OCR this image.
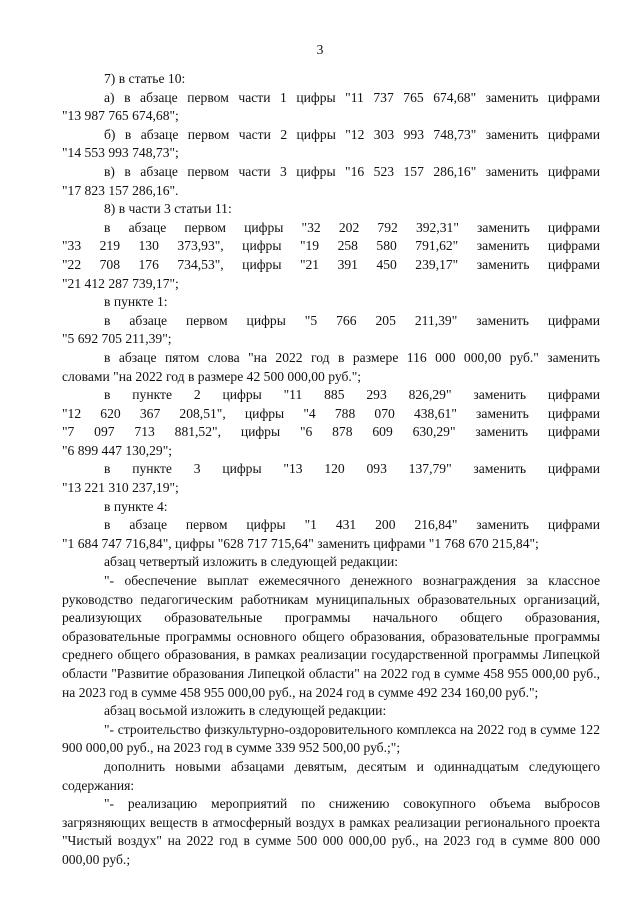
3

7) в статье 10:

а) в абзаце первом части 1 цифры "11 737 765 674,68" заменить цифрами

"13 987 765 674,68";

б) в абзаце первом части 2 цифры "12 303 993 748,73" заменить цифрами

"14 553 993 748,73";

в) в абзаце первом части 3 цифры "16 523 157 286,16" заменить цифрами

"17 823 157 286,16".

8) в части 3 статьи 11:

в абзаце первом цифры "32 202 792 392,31" заменить цифрами

"33 219 130 373,93", цифры "19 258 580 791,62" заменить цифрами

"22 708 176 734,53", цифры "21 391 450 239,17" заменить цифрами

"21 412 287 739,17";

в пункте 1:

в абзаце первом цифры "5 766 205 211,39" заменить цифрами

"5 692 705 211,39";

в абзаце пятом слова "на 2022 год в размере 116 000 000,00 руб." заменить

словами "на 2022 год в размере 42 500 000,00 руб.";

в пункте 2 цифры "11 885 293 826,29" заменить цифрами

"12 620 367 208,51", цифры "4 788 070 438,61" заменить цифрами

"7 097 713 881,52", цифры "6 878 609 630,29" заменить цифрами

"6 899 447 130,29";

в пункте 3 цифры "13 120 093 137,79" заменить цифрами

"13 221 310 237,19";

в пункте 4:

в абзаце первом цифры "1 431 200 216,84" заменить цифрами

"1 684 747 716,84", цифры "628 717 715,64" заменить цифрами "1 768 670 215,84";

абзац четвертый изложить в следующей редакции:

"- обеспечение выплат ежемесячного денежного вознаграждения за классное руководство педагогическим работникам муниципальных образовательных организаций, реализующих образовательные программы начального общего образования, образовательные программы основного общего образования, образовательные программы среднего общего образования, в рамках реализации государственной программы Липецкой области "Развитие образования Липецкой области" на 2022 год в сумме 458 955 000,00 руб., на 2023 год в сумме 458 955 000,00 руб., на 2024 год в сумме 492 234 160,00 руб.";

абзац восьмой изложить в следующей редакции:

"- строительство физкультурно-оздоровительного комплекса на 2022 год в сумме 122 900 000,00 руб., на 2023 год в сумме 339 952 500,00 руб.;";

дополнить новыми абзацами девятым, десятым и одиннадцатым следующего содержания:

"- реализацию мероприятий по снижению совокупного объема выбросов загрязняющих веществ в атмосферный воздух в рамках реализации регионального проекта "Чистый воздух" на 2022 год в сумме 500 000 000,00 руб., на 2023 год в сумме 800 000 000,00 руб.;
